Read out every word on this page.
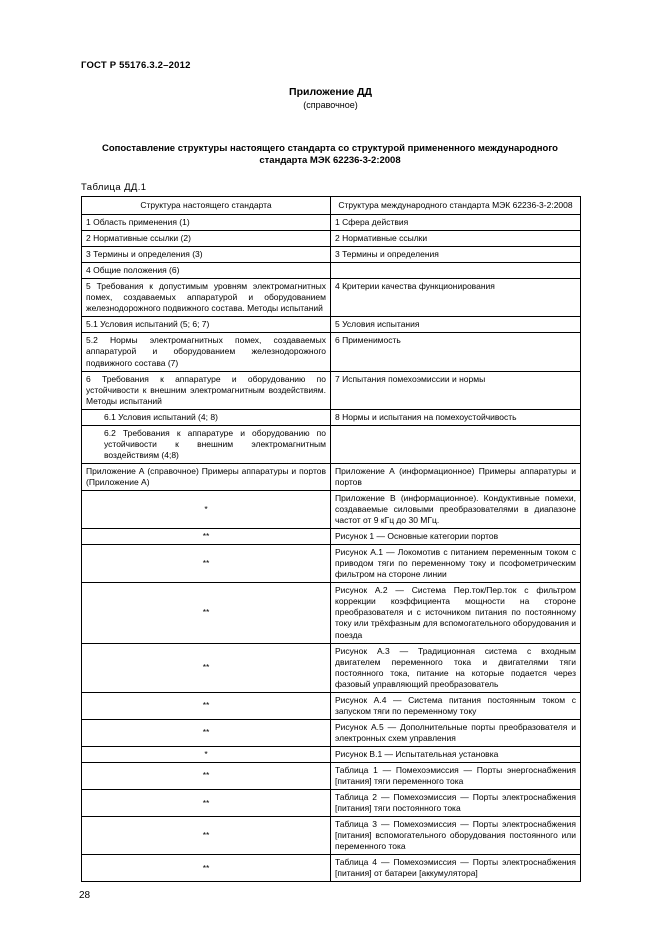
ГОСТ Р 55176.3.2–2012
Приложение ДД
(справочное)
Сопоставление структуры настоящего стандарта со структурой примененного международного стандарта МЭК 62236-3-2:2008
Таблица ДД.1
Структура настоящего стандарта	Структура международного стандарта МЭК 62236-3-2:2008
1 Область применения (1)	1 Сфера действия
2 Нормативные ссылки (2)	2 Нормативные ссылки
3 Термины и определения (3)	3 Термины и определения
4 Общие положения (6)	
5 Требования к допустимым уровням электромагнитных помех, создаваемых аппаратурой и оборудованием железнодорожного подвижного состава. Методы испытаний	4 Критерии качества функционирования
5.1 Условия испытаний (5; 6; 7)	5 Условия испытания
5.2 Нормы электромагнитных помех, создаваемых аппаратурой и оборудованием железнодорожного подвижного состава (7)	6 Применимость
6 Требования к аппаратуре и оборудованию по устойчивости к внешним электромагнитным воздействиям. Методы испытаний	7 Испытания помехоэмиссии и нормы
6.1 Условия испытаний (4; 8)	8 Нормы и испытания на помехоустойчивость
6.2 Требования к аппаратуре и оборудованию по устойчивости к внешним электромагнитным воздействиям (4;8)	
Приложение А (справочное) Примеры аппаратуры и портов (Приложение А)	Приложение А (информационное) Примеры аппаратуры и портов
*	Приложение В (информационное). Кондуктивные помехи, создаваемые силовыми преобразователями в диапазоне частот от 9 кГц до 30 МГц.
**	Рисунок 1 — Основные категории портов
**	Рисунок А.1 — Локомотив с питанием переменным током с приводом тяги по переменному току и псофометрическим фильтром на стороне линии
**	Рисунок А.2 — Система Пер.ток/Пер.ток с фильтром коррекции коэффициента мощности на стороне преобразователя и с источником питания по постоянному току или трёхфазным для вспомогательного оборудования и поезда
**	Рисунок А.3 — Традиционная система с входным двигателем переменного тока и двигателями тяги постоянного тока, питание на которые подается через фазовый управляющий преобразователь
**	Рисунок А.4 — Система питания постоянным током с запуском тяги по переменному току
**	Рисунок А.5 — Дополнительные порты преобразователя и электронных схем управления
*	Рисунок В.1 — Испытательная установка
**	Таблица 1 — Помехоэмиссия — Порты энергоснабжения [питания] тяги переменного тока
**	Таблица 2 — Помехоэмиссия — Порты электроснабжения [питания] тяги постоянного тока
**	Таблица 3 — Помехоэмиссия — Порты электроснабжения [питания] вспомогательного оборудования постоянного или переменного тока
**	Таблица 4 — Помехоэмиссия — Порты электроснабжения [питания] от батареи [аккумулятора]
28
